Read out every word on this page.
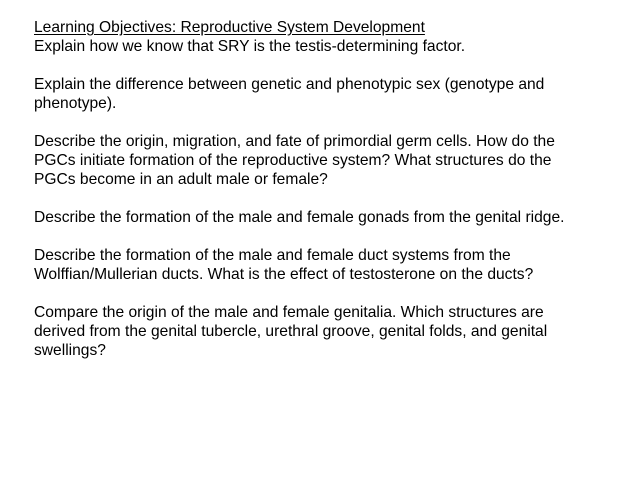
Learning Objectives: Reproductive System Development
Explain how we know that SRY is the testis-determining factor.
Explain the difference between genetic and phenotypic sex (genotype and
phenotype).
Describe the origin, migration, and fate of primordial germ cells. How do the
PGCs initiate formation of the reproductive system? What structures do the
PGCs become in an adult male or female?
Describe the formation of the male and female gonads from the genital ridge.
Describe the formation of the male and female duct systems from the
Wolffian/Mullerian ducts. What is the effect of testosterone on the ducts?
Compare the origin of the male and female genitalia. Which structures are
derived from the genital tubercle, urethral groove, genital folds, and genital
swellings?
